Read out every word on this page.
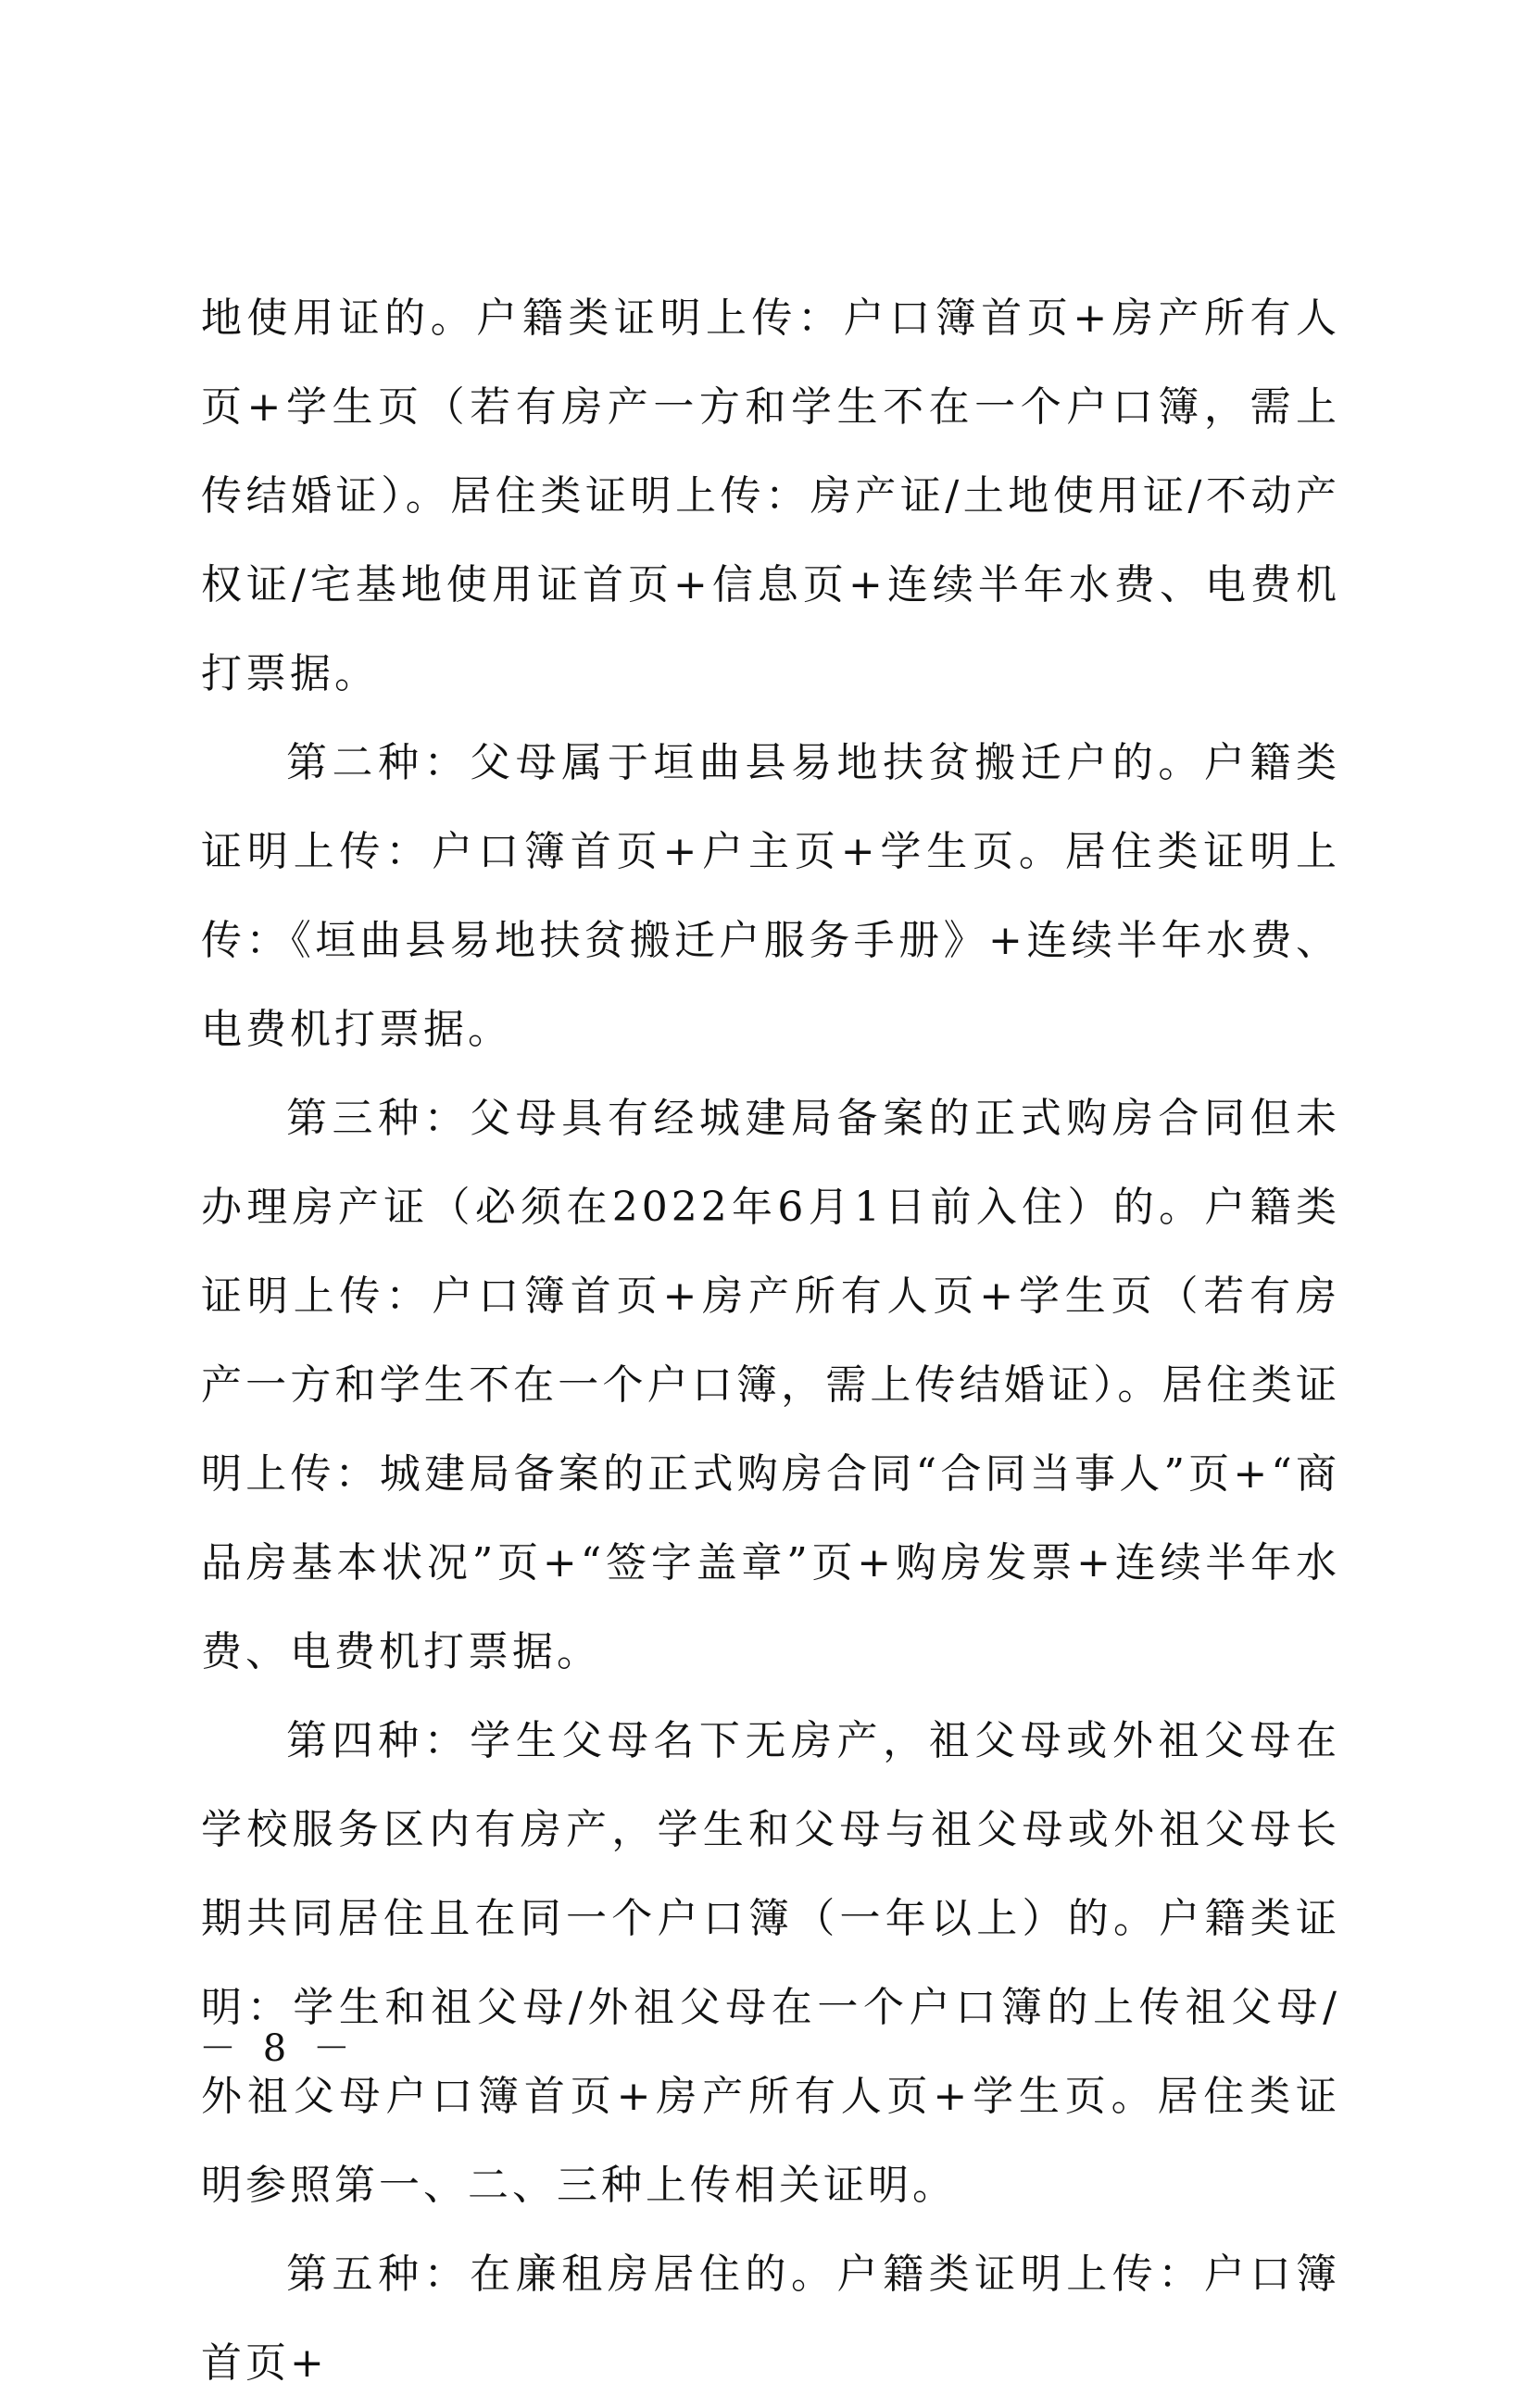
地使用证的。户籍类证明上传：户口簿首页+房产所有人页+学生页（若有房产一方和学生不在一个户口簿，需上传结婚证）。居住类证明上传：房产证/土地使用证/不动产权证/宅基地使用证首页+信息页+连续半年水费、电费机打票据。

第二种：父母属于垣曲县易地扶贫搬迁户的。户籍类证明上传：户口簿首页+户主页+学生页。居住类证明上传：《垣曲县易地扶贫搬迁户服务手册》+连续半年水费、电费机打票据。

第三种：父母具有经城建局备案的正式购房合同但未办理房产证（必须在2022年6月1日前入住）的。户籍类证明上传：户口簿首页+房产所有人页+学生页（若有房产一方和学生不在一个户口簿，需上传结婚证）。居住类证明上传：城建局备案的正式购房合同“合同当事人”页+“商品房基本状况”页+“签字盖章”页+购房发票+连续半年水费、电费机打票据。

第四种：学生父母名下无房产，祖父母或外祖父母在学校服务区内有房产，学生和父母与祖父母或外祖父母长期共同居住且在同一个户口簿（一年以上）的。户籍类证明：学生和祖父母/外祖父母在一个户口簿的上传祖父母/外祖父母户口簿首页+房产所有人页+学生页。居住类证明参照第一、二、三种上传相关证明。

第五种：在廉租房居住的。户籍类证明上传：户口簿首页+

－ 8 －
